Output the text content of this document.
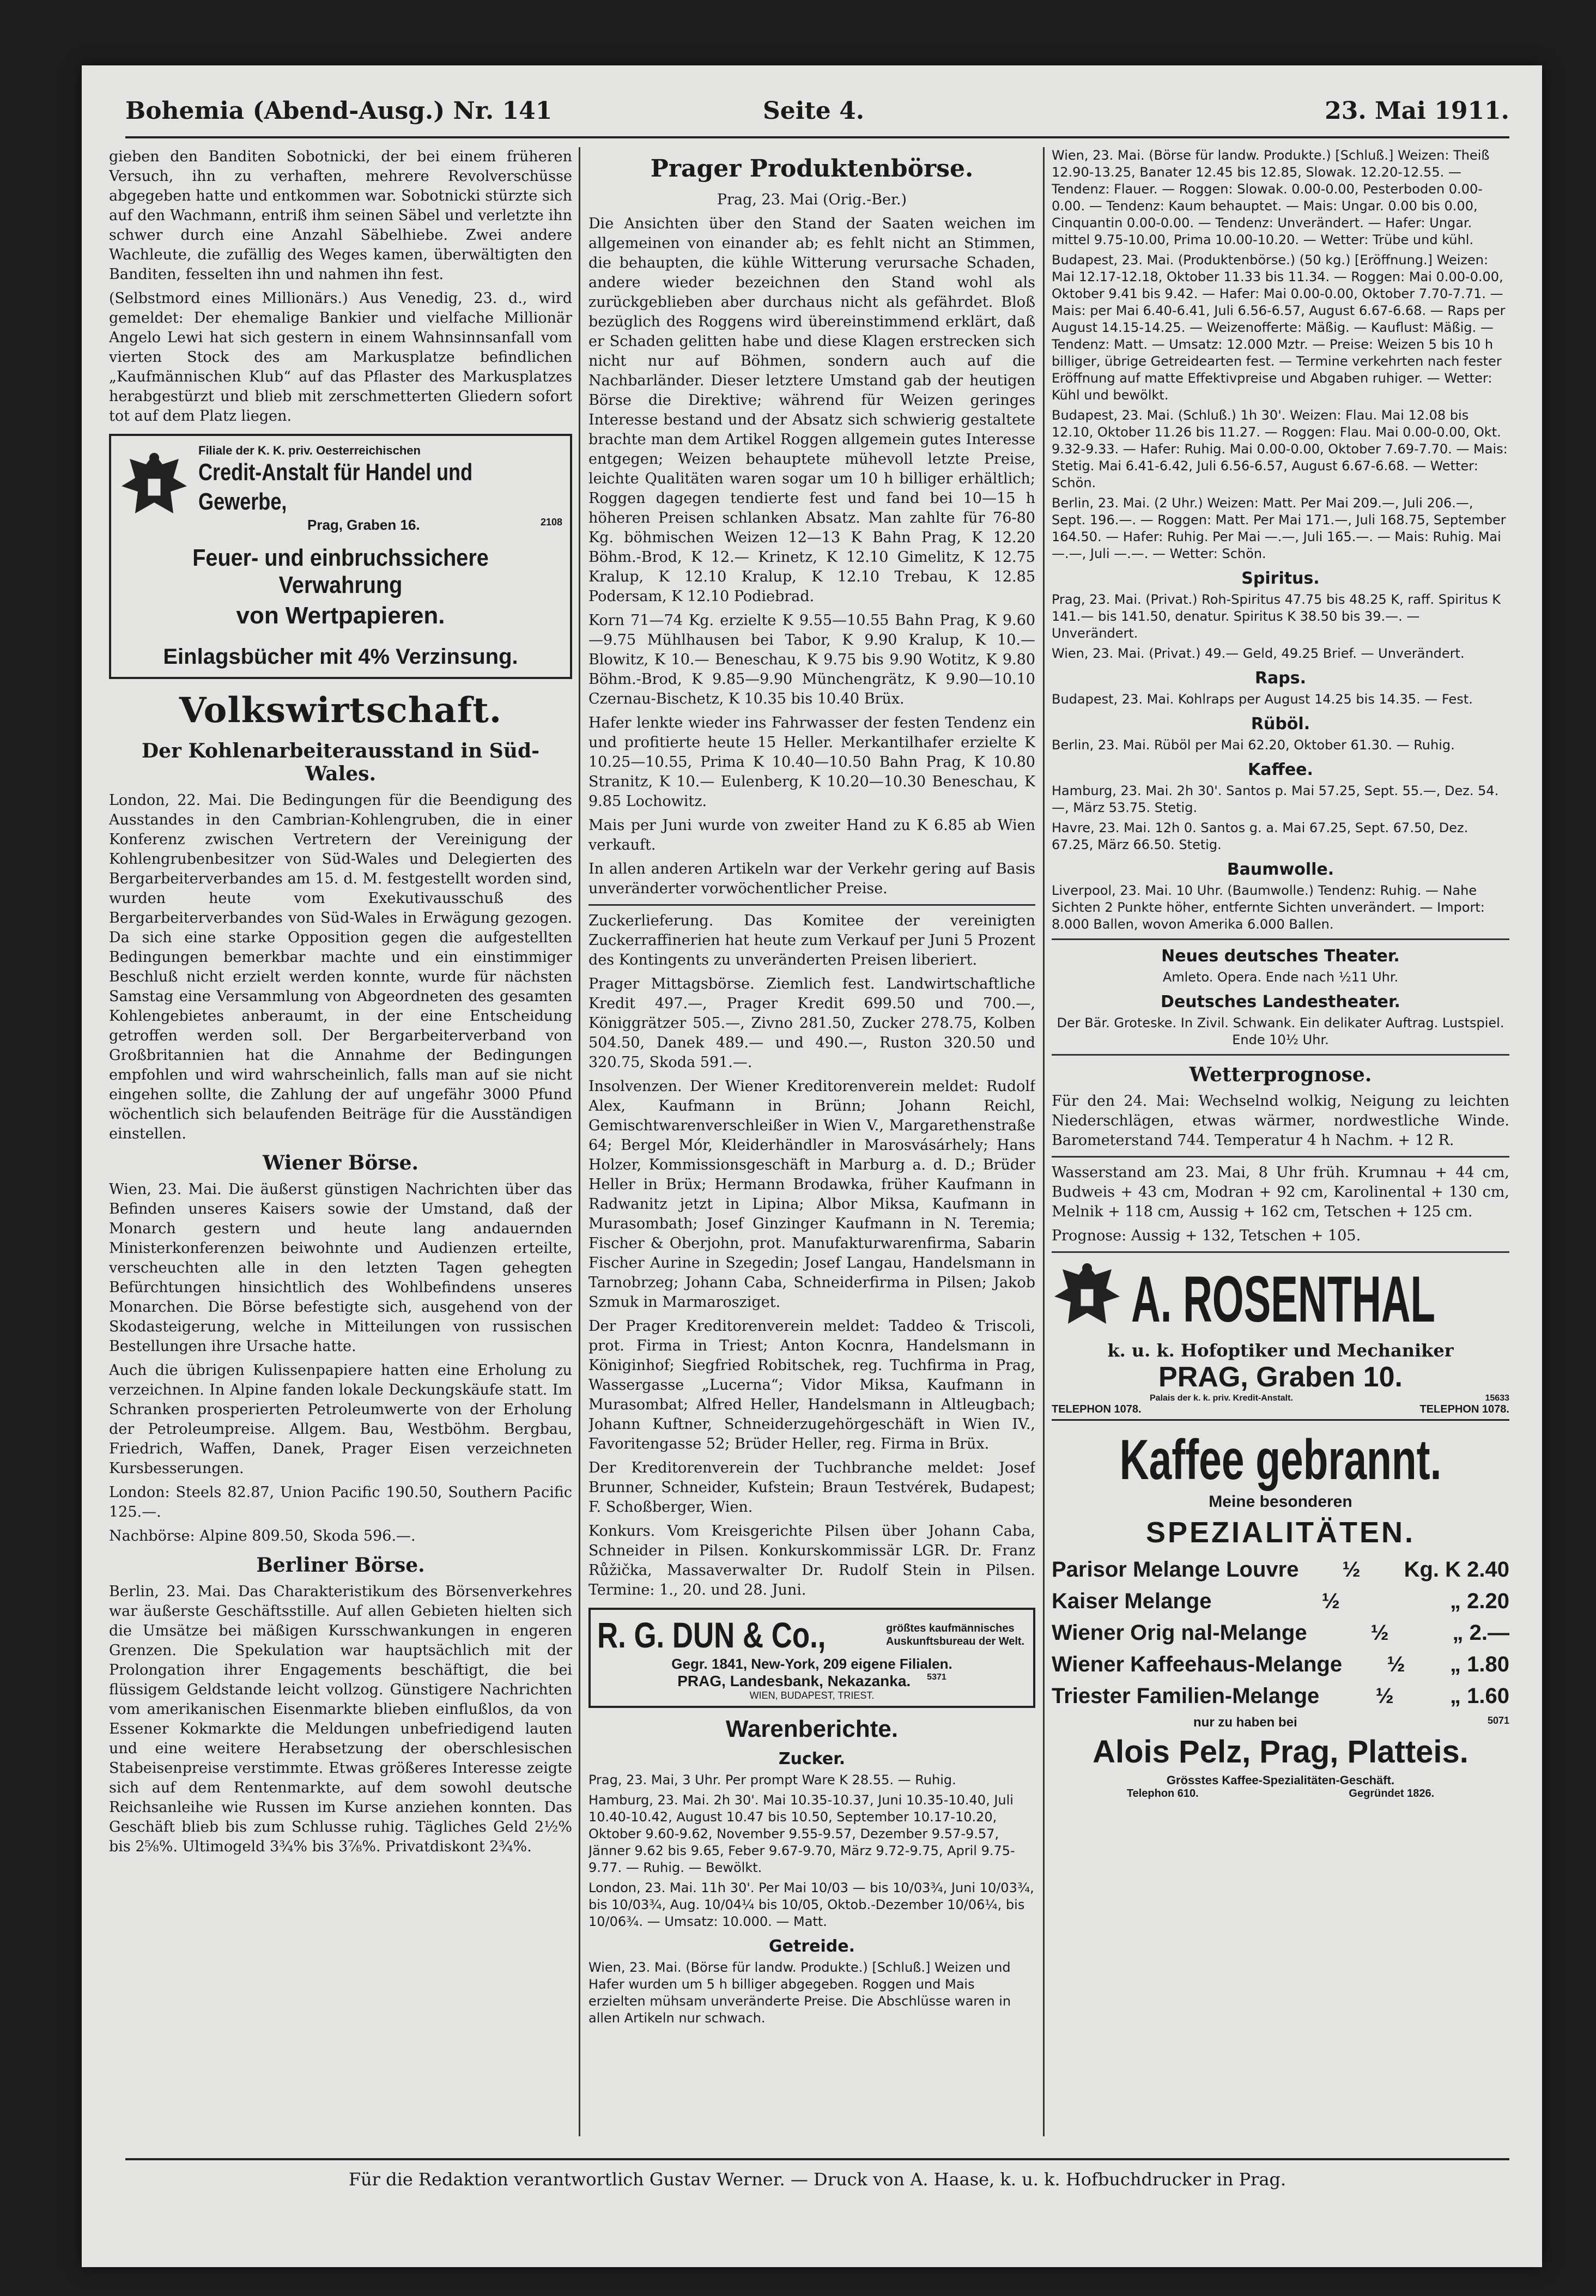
Bohemia (Abend-Ausg.) Nr. 141	Seite 4.	23. Mai 1911.

gieben den Banditen Sobotnicki, der bei einem früheren Versuch, ihn zu verhaften, mehrere Revolverschüsse abgegeben hatte und entkommen war. Sobotnicki stürzte sich auf den Wachmann, entriß ihm seinen Säbel und verletzte ihn schwer durch eine Anzahl Säbelhiebe. Zwei andere Wachleute, die zufällig des Weges kamen, überwältigten den Banditen, fesselten ihn und nahmen ihn fest.

(Selbstmord eines Millionärs.) Aus Venedig, 23. d., wird gemeldet: Der ehemalige Bankier und vielfache Millionär Angelo Lewi hat sich gestern in einem Wahnsinnsanfall vom vierten Stock des am Markusplatze befindlichen „Kaufmännischen Klub“ auf das Pflaster des Markusplatzes herabgestürzt und blieb mit zerschmetterten Gliedern sofort tot auf dem Platz liegen.

Filiale der K. K. priv. Oesterreichischen
Credit-Anstalt für Handel und Gewerbe,
Prag, Graben 16.	2108
Feuer- und einbruchssichere Verwahrung
von Wertpapieren.
Einlagsbücher mit 4% Verzinsung.
Volkswirtschaft.
Der Kohlenarbeiterausstand in Süd-Wales.

London, 22. Mai. Die Bedingungen für die Beendigung des Ausstandes in den Cambrian-Kohlengruben, die in einer Konferenz zwischen Vertretern der Vereinigung der Kohlengrubenbesitzer von Süd-Wales und Delegierten des Bergarbeiterverbandes am 15. d. M. festgestellt worden sind, wurden heute vom Exekutivausschuß des Bergarbeiterverbandes von Süd-Wales in Erwägung gezogen. Da sich eine starke Opposition gegen die aufgestellten Bedingungen bemerkbar machte und ein einstimmiger Beschluß nicht erzielt werden konnte, wurde für nächsten Samstag eine Versammlung von Abgeordneten des gesamten Kohlengebietes anberaumt, in der eine Entscheidung getroffen werden soll. Der Bergarbeiterverband von Großbritannien hat die Annahme der Bedingungen empfohlen und wird wahrscheinlich, falls man auf sie nicht eingehen sollte, die Zahlung der auf ungefähr 3000 Pfund wöchentlich sich belaufenden Beiträge für die Ausständigen einstellen.

Wiener Börse.

Wien, 23. Mai. Die äußerst günstigen Nachrichten über das Befinden unseres Kaisers sowie der Umstand, daß der Monarch gestern und heute lang andauernden Ministerkonferenzen beiwohnte und Audienzen erteilte, verscheuchten alle in den letzten Tagen gehegten Befürchtungen hinsichtlich des Wohlbefindens unseres Monarchen. Die Börse befestigte sich, ausgehend von der Skodasteigerung, welche in Mitteilungen von russischen Bestellungen ihre Ursache hatte.

Auch die übrigen Kulissenpapiere hatten eine Erholung zu verzeichnen. In Alpine fanden lokale Deckungskäufe statt. Im Schranken prosperierten Petroleumwerte von der Erholung der Petroleumpreise. Allgem. Bau, Westböhm. Bergbau, Friedrich, Waffen, Danek, Prager Eisen verzeichneten Kursbesserungen.

London: Steels 82.87, Union Pacific 190.50, Southern Pacific 125.—.

Nachbörse: Alpine 809.50, Skoda 596.—.

Berliner Börse.

Berlin, 23. Mai. Das Charakteristikum des Börsenverkehres war äußerste Geschäftsstille. Auf allen Gebieten hielten sich die Umsätze bei mäßigen Kursschwankungen in engeren Grenzen. Die Spekulation war hauptsächlich mit der Prolongation ihrer Engagements beschäftigt, die bei flüssigem Geldstande leicht vollzog. Günstigere Nachrichten vom amerikanischen Eisenmarkte blieben einflußlos, da von Essener Kokmarkte die Meldungen unbefriedigend lauten und eine weitere Herabsetzung der oberschlesischen Stabeisenpreise verstimmte. Etwas größeres Interesse zeigte sich auf dem Rentenmarkte, auf dem sowohl deutsche Reichsanleihe wie Russen im Kurse anziehen konnten. Das Geschäft blieb bis zum Schlusse ruhig. Tägliches Geld 2½% bis 2⅝%. Ultimogeld 3¾% bis 3⅞%. Privatdiskont 2¾%.

Prager Produktenbörse.
Prag, 23. Mai (Orig.-Ber.)

Die Ansichten über den Stand der Saaten weichen im allgemeinen von einander ab; es fehlt nicht an Stimmen, die behaupten, die kühle Witterung verursache Schaden, andere wieder bezeichnen den Stand wohl als zurückgeblieben aber durchaus nicht als gefährdet. Bloß bezüglich des Roggens wird übereinstimmend erklärt, daß er Schaden gelitten habe und diese Klagen erstrecken sich nicht nur auf Böhmen, sondern auch auf die Nachbarländer. Dieser letztere Umstand gab der heutigen Börse die Direktive; während für Weizen geringes Interesse bestand und der Absatz sich schwierig gestaltete brachte man dem Artikel Roggen allgemein gutes Interesse entgegen; Weizen behauptete mühevoll letzte Preise, leichte Qualitäten waren sogar um 10 h billiger erhältlich; Roggen dagegen tendierte fest und fand bei 10—15 h höheren Preisen schlanken Absatz. Man zahlte für 76-80 Kg. böhmischen Weizen 12—13 K Bahn Prag, K 12.20 Böhm.-Brod, K 12.— Krinetz, K 12.10 Gimelitz, K 12.75 Kralup, K 12.10 Kralup, K 12.10 Trebau, K 12.85 Podersam, K 12.10 Podiebrad.

Korn 71—74 Kg. erzielte K 9.55—10.55 Bahn Prag, K 9.60—9.75 Mühlhausen bei Tabor, K 9.90 Kralup, K 10.— Blowitz, K 10.— Beneschau, K 9.75 bis 9.90 Wotitz, K 9.80 Böhm.-Brod, K 9.85—9.90 Münchengrätz, K 9.90—10.10 Czernau-Bischetz, K 10.35 bis 10.40 Brüx.

Hafer lenkte wieder ins Fahrwasser der festen Tendenz ein und profitierte heute 15 Heller. Merkantilhafer erzielte K 10.25—10.55, Prima K 10.40—10.50 Bahn Prag, K 10.80 Stranitz, K 10.— Eulenberg, K 10.20—10.30 Beneschau, K 9.85 Lochowitz.

Mais per Juni wurde von zweiter Hand zu K 6.85 ab Wien verkauft.

In allen anderen Artikeln war der Verkehr gering auf Basis unveränderter vorwöchentlicher Preise.

Zuckerlieferung. Das Komitee der vereinigten Zuckerraffinerien hat heute zum Verkauf per Juni 5 Prozent des Kontingents zu unveränderten Preisen liberiert.

Prager Mittagsbörse. Ziemlich fest. Landwirtschaftliche Kredit 497.—, Prager Kredit 699.50 und 700.—, Königgrätzer 505.—, Zivno 281.50, Zucker 278.75, Kolben 504.50, Danek 489.— und 490.—, Ruston 320.50 und 320.75, Skoda 591.—.

Insolvenzen. Der Wiener Kreditorenverein meldet: Rudolf Alex, Kaufmann in Brünn; Johann Reichl, Gemischtwarenverschleißer in Wien V., Margarethenstraße 64; Bergel Mór, Kleiderhändler in Marosvásárhely; Hans Holzer, Kommissionsgeschäft in Marburg a. d. D.; Brüder Heller in Brüx; Hermann Brodawka, früher Kaufmann in Radwanitz jetzt in Lipina; Albor Miksa, Kaufmann in Murasombath; Josef Ginzinger Kaufmann in N. Teremia; Fischer & Oberjohn, prot. Manufakturwarenfirma, Sabarin Fischer Aurine in Szegedin; Josef Langau, Handelsmann in Tarnobrzeg; Johann Caba, Schneiderfirma in Pilsen; Jakob Szmuk in Marmarosziget.

Der Prager Kreditorenverein meldet: Taddeo & Triscoli, prot. Firma in Triest; Anton Kocnra, Handelsmann in Königinhof; Siegfried Robitschek, reg. Tuchfirma in Prag, Wassergasse „Lucerna“; Vidor Miksa, Kaufmann in Murasombat; Alfred Heller, Handelsmann in Altleugbach; Johann Kuftner, Schneiderzugehörgeschäft in Wien IV., Favoritengasse 52; Brüder Heller, reg. Firma in Brüx.

Der Kreditorenverein der Tuchbranche meldet: Josef Brunner, Schneider, Kufstein; Braun Testvérek, Budapest; F. Schoßberger, Wien.

Konkurs. Vom Kreisgerichte Pilsen über Johann Caba, Schneider in Pilsen. Konkurskommissär LGR. Dr. Franz Růžička, Massaverwalter Dr. Rudolf Stein in Pilsen. Termine: 1., 20. und 28. Juni.

R. G. DUN & Co.,	größtes kaufmännisches Auskunftsbureau der Welt.
Gegr. 1841, New-York, 209 eigene Filialen.
PRAG, Landesbank, Nekazanka. 5371
WIEN, BUDAPEST, TRIEST.
Warenberichte.
Zucker.

Prag, 23. Mai, 3 Uhr. Per prompt Ware K 28.55. — Ruhig.

Hamburg, 23. Mai. 2h 30'. Mai 10.35-10.37, Juni 10.35-10.40, Juli 10.40-10.42, August 10.47 bis 10.50, September 10.17-10.20, Oktober 9.60-9.62, November 9.55-9.57, Dezember 9.57-9.57, Jänner 9.62 bis 9.65, Feber 9.67-9.70, März 9.72-9.75, April 9.75-9.77. — Ruhig. — Bewölkt.

London, 23. Mai. 11h 30'. Per Mai 10/03 — bis 10/03¾, Juni 10/03¾, bis 10/03¾, Aug. 10/04¼ bis 10/05, Oktob.-Dezember 10/06¼, bis 10/06¾. — Umsatz: 10.000. — Matt.

Getreide.

Wien, 23. Mai. (Börse für landw. Produkte.) [Schluß.] Weizen und Hafer wurden um 5 h billiger abgegeben. Roggen und Mais erzielten mühsam unveränderte Preise. Die Abschlüsse waren in allen Artikeln nur schwach.

Wien, 23. Mai. (Börse für landw. Produkte.) [Schluß.] Weizen: Theiß 12.90-13.25, Banater 12.45 bis 12.85, Slowak. 12.20-12.55. — Tendenz: Flauer. — Roggen: Slowak. 0.00-0.00, Pesterboden 0.00-0.00. — Tendenz: Kaum behauptet. — Mais: Ungar. 0.00 bis 0.00, Cinquantin 0.00-0.00. — Tendenz: Unverändert. — Hafer: Ungar. mittel 9.75-10.00, Prima 10.00-10.20. — Wetter: Trübe und kühl.

Budapest, 23. Mai. (Produktenbörse.) (50 kg.) [Eröffnung.] Weizen: Mai 12.17-12.18, Oktober 11.33 bis 11.34. — Roggen: Mai 0.00-0.00, Oktober 9.41 bis 9.42. — Hafer: Mai 0.00-0.00, Oktober 7.70-7.71. — Mais: per Mai 6.40-6.41, Juli 6.56-6.57, August 6.67-6.68. — Raps per August 14.15-14.25. — Weizenofferte: Mäßig. — Kauflust: Mäßig. — Tendenz: Matt. — Umsatz: 12.000 Mztr. — Preise: Weizen 5 bis 10 h billiger, übrige Getreidearten fest. — Termine verkehrten nach fester Eröffnung auf matte Effektivpreise und Abgaben ruhiger. — Wetter: Kühl und bewölkt.

Budapest, 23. Mai. (Schluß.) 1h 30'. Weizen: Flau. Mai 12.08 bis 12.10, Oktober 11.26 bis 11.27. — Roggen: Flau. Mai 0.00-0.00, Okt. 9.32-9.33. — Hafer: Ruhig. Mai 0.00-0.00, Oktober 7.69-7.70. — Mais: Stetig. Mai 6.41-6.42, Juli 6.56-6.57, August 6.67-6.68. — Wetter: Schön.

Berlin, 23. Mai. (2 Uhr.) Weizen: Matt. Per Mai 209.—, Juli 206.—, Sept. 196.—. — Roggen: Matt. Per Mai 171.—, Juli 168.75, September 164.50. — Hafer: Ruhig. Per Mai —.—, Juli 165.—. — Mais: Ruhig. Mai —.—, Juli —.—. — Wetter: Schön.

Spiritus.

Prag, 23. Mai. (Privat.) Roh-Spiritus 47.75 bis 48.25 K, raff. Spiritus K 141.— bis 141.50, denatur. Spiritus K 38.50 bis 39.—. — Unverändert.

Wien, 23. Mai. (Privat.) 49.— Geld, 49.25 Brief. — Unverändert.

Raps.

Budapest, 23. Mai. Kohlraps per August 14.25 bis 14.35. — Fest.

Rüböl.

Berlin, 23. Mai. Rüböl per Mai 62.20, Oktober 61.30. — Ruhig.

Kaffee.

Hamburg, 23. Mai. 2h 30'. Santos p. Mai 57.25, Sept. 55.—, Dez. 54.—, März 53.75. Stetig.

Havre, 23. Mai. 12h 0. Santos g. a. Mai 67.25, Sept. 67.50, Dez. 67.25, März 66.50. Stetig.

Baumwolle.

Liverpool, 23. Mai. 10 Uhr. (Baumwolle.) Tendenz: Ruhig. — Nahe Sichten 2 Punkte höher, entfernte Sichten unverändert. — Import: 8.000 Ballen, wovon Amerika 6.000 Ballen.

Neues deutsches Theater.

Amleto. Opera. Ende nach ½11 Uhr.

Deutsches Landestheater.

Der Bär. Groteske. In Zivil. Schwank. Ein delikater Auftrag. Lustspiel. Ende 10½ Uhr.

Wetterprognose.

Für den 24. Mai: Wechselnd wolkig, Neigung zu leichten Niederschlägen, etwas wärmer, nordwestliche Winde. Barometerstand 744. Temperatur 4 h Nachm. + 12 R.

Wasserstand am 23. Mai, 8 Uhr früh. Krumnau + 44 cm, Budweis + 43 cm, Modran + 92 cm, Karolinental + 130 cm, Melnik + 118 cm, Aussig + 162 cm, Tetschen + 125 cm.

Prognose: Aussig + 132, Tetschen + 105.

A. ROSENTHAL
k. u. k. Hofoptiker und Mechaniker
PRAG, Graben 10.
Palais der k. k. priv. Kredit-Anstalt.	15633
TELEPHON 1078.	TELEPHON 1078.
Kaffee gebrannt.
Meine besonderen
SPEZIALITÄTEN.
Parisor Melange Louvre ½ Kg. K 2.40
Kaiser Melange	½	„ 2.20
Wiener Orig nal-Melange	½	„ 2.—
Wiener Kaffeehaus-Melange ½ „ 1.80
Triester Familien-Melange	½	„ 1.60
nur zu haben bei	5071
Alois Pelz, Prag, Platteis.
Grösstes Kaffee-Spezialitäten-Geschäft.
Telephon 610.	Gegründet 1826.
Für die Redaktion verantwortlich Gustav Werner. — Druck von A. Haase, k. u. k. Hofbuchdrucker in Prag.
